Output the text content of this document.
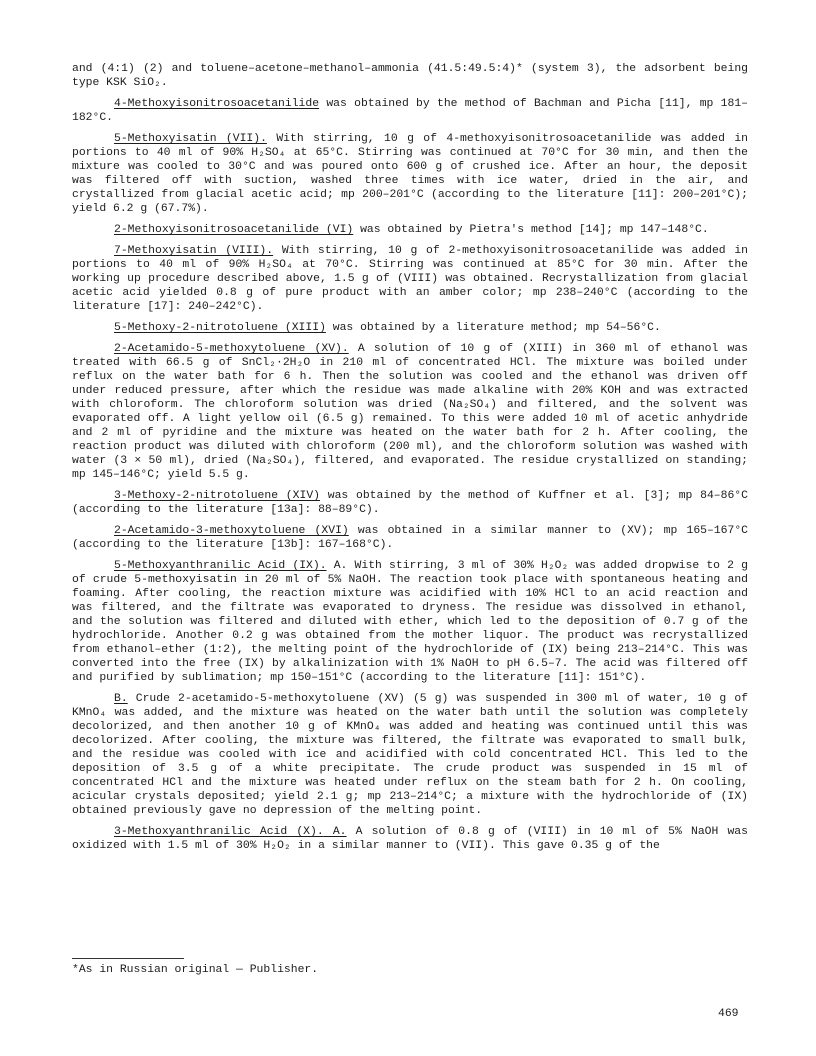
and (4:1) (2) and toluene–acetone–methanol–ammonia (41.5:49.5:4)* (system 3), the adsorbent being type KSK SiO₂.

4-Methoxyisonitrosoacetanilide was obtained by the method of Bachman and Picha [11], mp 181–182°C.

5-Methoxyisatin (VII). With stirring, 10 g of 4-methoxyisonitrosoacetanilide was added in portions to 40 ml of 90% H₂SO₄ at 65°C. Stirring was continued at 70°C for 30 min, and then the mixture was cooled to 30°C and was poured onto 600 g of crushed ice. After an hour, the deposit was filtered off with suction, washed three times with ice water, dried in the air, and crystallized from glacial acetic acid; mp 200–201°C (according to the literature [11]: 200–201°C); yield 6.2 g (67.7%).

2-Methoxyisonitrosoacetanilide (VI) was obtained by Pietra's method [14]; mp 147–148°C.

7-Methoxyisatin (VIII). With stirring, 10 g of 2-methoxyisonitrosoacetanilide was added in portions to 40 ml of 90% H₂SO₄ at 70°C. Stirring was continued at 85°C for 30 min. After the working up procedure described above, 1.5 g of (VIII) was obtained. Recrystallization from glacial acetic acid yielded 0.8 g of pure product with an amber color; mp 238–240°C (according to the literature [17]: 240–242°C).

5-Methoxy-2-nitrotoluene (XIII) was obtained by a literature method; mp 54–56°C.

2-Acetamido-5-methoxytoluene (XV). A solution of 10 g of (XIII) in 360 ml of ethanol was treated with 66.5 g of SnCl₂·2H₂O in 210 ml of concentrated HCl. The mixture was boiled under reflux on the water bath for 6 h. Then the solution was cooled and the ethanol was driven off under reduced pressure, after which the residue was made alkaline with 20% KOH and was extracted with chloroform. The chloroform solution was dried (Na₂SO₄) and filtered, and the solvent was evaporated off. A light yellow oil (6.5 g) remained. To this were added 10 ml of acetic anhydride and 2 ml of pyridine and the mixture was heated on the water bath for 2 h. After cooling, the reaction product was diluted with chloroform (200 ml), and the chloroform solution was washed with water (3 × 50 ml), dried (Na₂SO₄), filtered, and evaporated. The residue crystallized on standing; mp 145–146°C; yield 5.5 g.

3-Methoxy-2-nitrotoluene (XIV) was obtained by the method of Kuffner et al. [3]; mp 84–86°C (according to the literature [13a]: 88–89°C).

2-Acetamido-3-methoxytoluene (XVI) was obtained in a similar manner to (XV); mp 165–167°C (according to the literature [13b]: 167–168°C).

5-Methoxyanthranilic Acid (IX). A. With stirring, 3 ml of 30% H₂O₂ was added dropwise to 2 g of crude 5-methoxyisatin in 20 ml of 5% NaOH. The reaction took place with spontaneous heating and foaming. After cooling, the reaction mixture was acidified with 10% HCl to an acid reaction and was filtered, and the filtrate was evaporated to dryness. The residue was dissolved in ethanol, and the solution was filtered and diluted with ether, which led to the deposition of 0.7 g of the hydrochloride. Another 0.2 g was obtained from the mother liquor. The product was recrystallized from ethanol–ether (1:2), the melting point of the hydrochloride of (IX) being 213–214°C. This was converted into the free (IX) by alkalinization with 1% NaOH to pH 6.5–7. The acid was filtered off and purified by sublimation; mp 150–151°C (according to the literature [11]: 151°C).

B. Crude 2-acetamido-5-methoxytoluene (XV) (5 g) was suspended in 300 ml of water, 10 g of KMnO₄ was added, and the mixture was heated on the water bath until the solution was completely decolorized, and then another 10 g of KMnO₄ was added and heating was continued until this was decolorized. After cooling, the mixture was filtered, the filtrate was evaporated to small bulk, and the residue was cooled with ice and acidified with cold concentrated HCl. This led to the deposition of 3.5 g of a white precipitate. The crude product was suspended in 15 ml of concentrated HCl and the mixture was heated under reflux on the steam bath for 2 h. On cooling, acicular crystals deposited; yield 2.1 g; mp 213–214°C; a mixture with the hydrochloride of (IX) obtained previously gave no depression of the melting point.

3-Methoxyanthranilic Acid (X). A. A solution of 0.8 g of (VIII) in 10 ml of 5% NaOH was oxidized with 1.5 ml of 30% H₂O₂ in a similar manner to (VII). This gave 0.35 g of the

*As in Russian original — Publisher.
469
